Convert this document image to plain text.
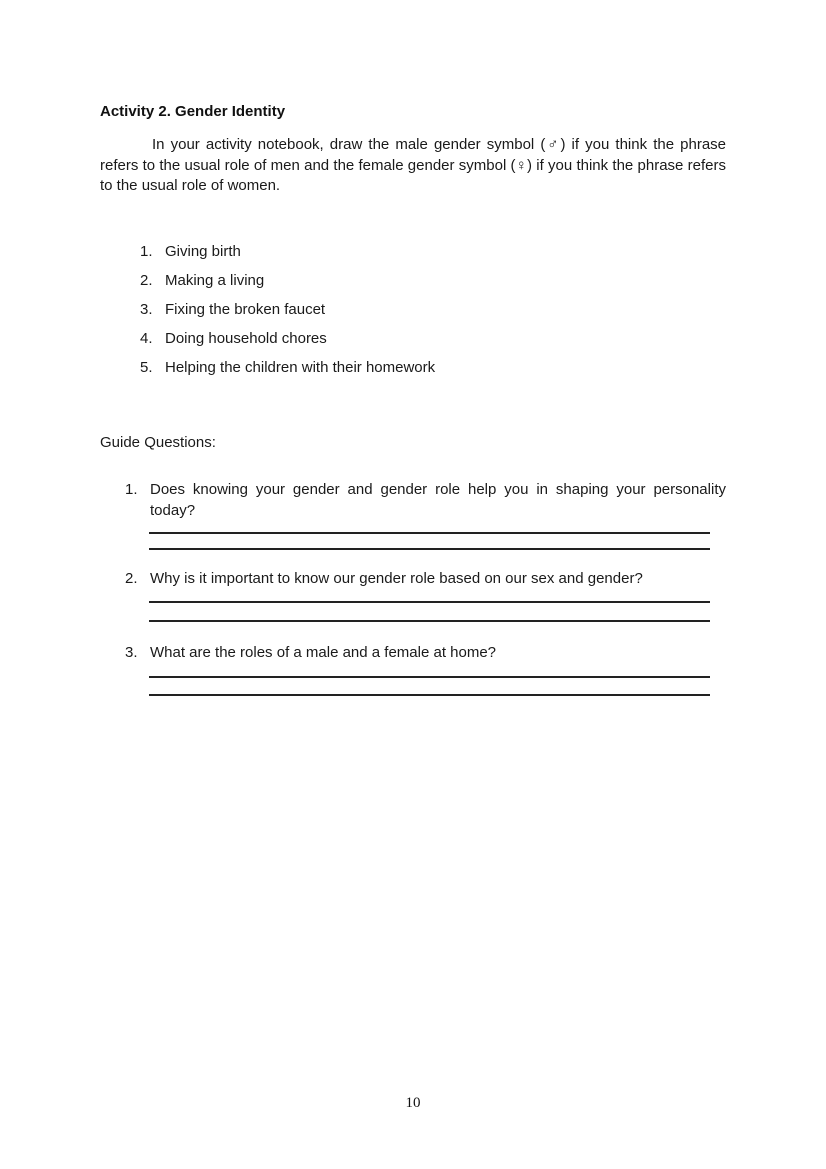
Activity 2. Gender Identity

In your activity notebook, draw the male gender symbol (♂) if you think the phrase refers to the usual role of men and the female gender symbol (♀) if you think the phrase refers to the usual role of women.

1. Giving birth
2. Making a living
3. Fixing the broken faucet
4. Doing household chores
5. Helping the children with their homework
Guide Questions:
1. Does knowing your gender and gender role help you in shaping your personality today?
2. Why is it important to know our gender role based on our sex and gender?
3. What are the roles of a male and a female at home?
10
